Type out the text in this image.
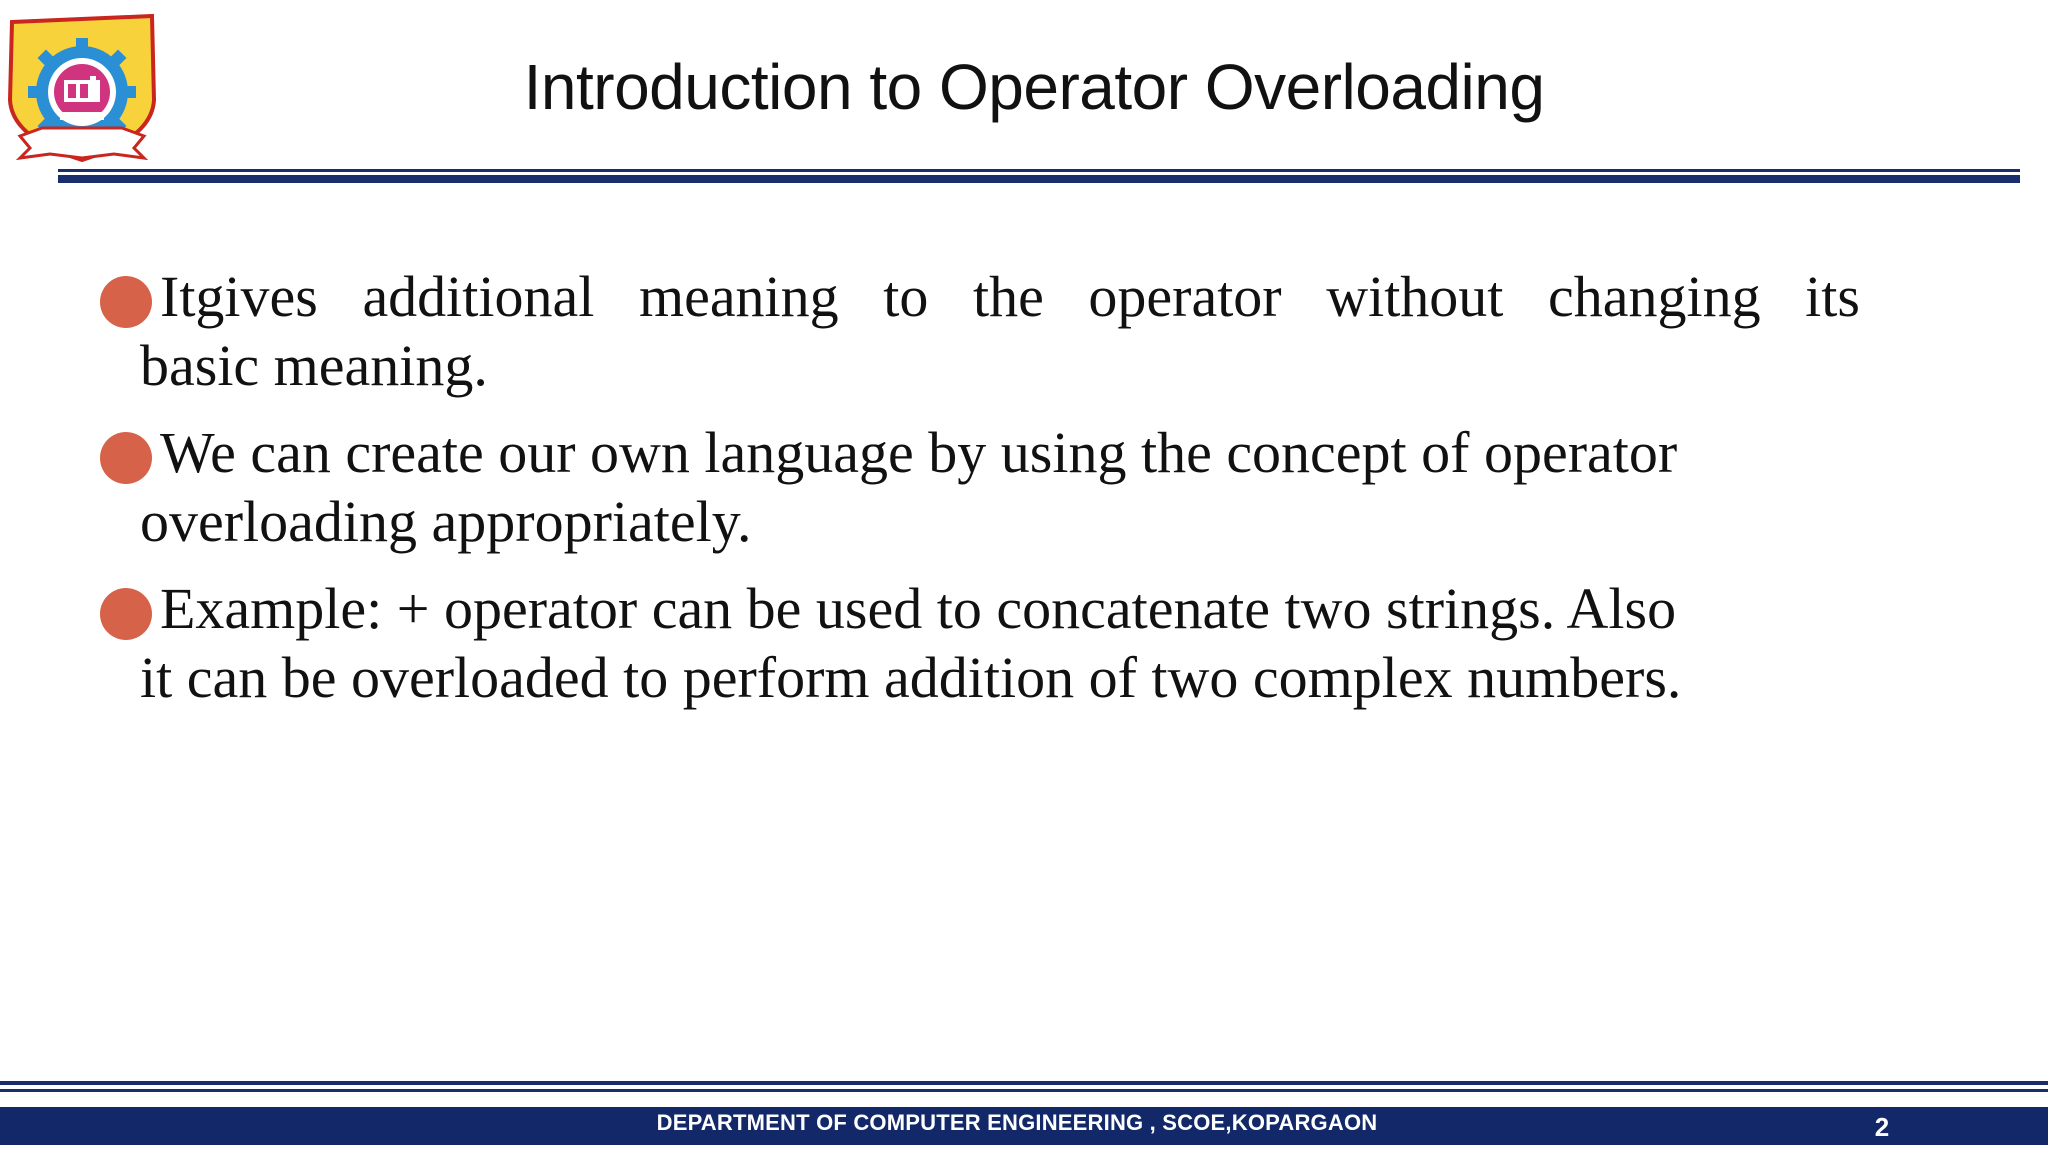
Introduction to Operator Overloading
Itgives additional meaning to the operator without changing its
basic meaning.
We can create our own language by using the concept of operator
overloading appropriately.
Example: + operator can be used to concatenate two strings. Also
it can be overloaded to perform addition of two complex numbers.
DEPARTMENT OF COMPUTER ENGINEERING , SCOE,KOPARGAON	2
